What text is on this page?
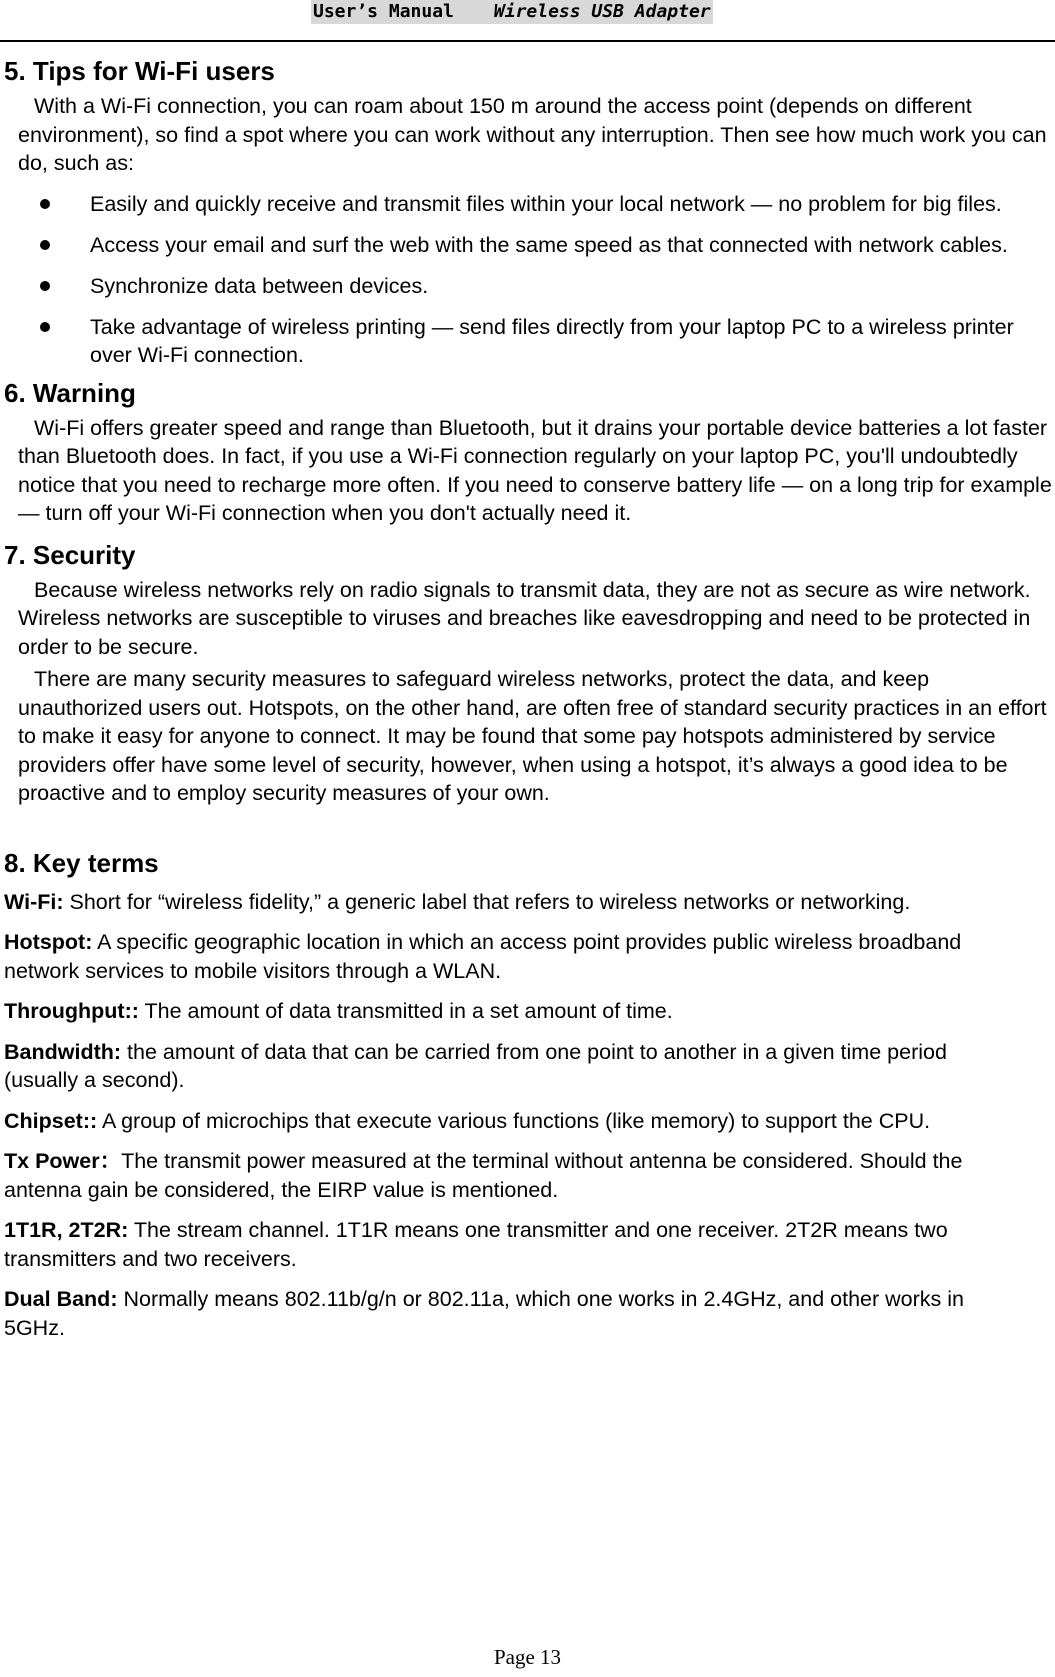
User’s Manual Wireless USB Adapter
5. Tips for Wi-Fi users

With a Wi-Fi connection, you can roam about 150 m around the access point (depends on different environment), so find a spot where you can work without any interruption. Then see how much work you can do, such as:

Easily and quickly receive and transmit files within your local network — no problem for big files.
Access your email and surf the web with the same speed as that connected with network cables.
Synchronize data between devices.
Take advantage of wireless printing — send files directly from your laptop PC to a wireless printer over Wi-Fi connection.
6. Warning

Wi-Fi offers greater speed and range than Bluetooth, but it drains your portable device batteries a lot faster than Bluetooth does. In fact, if you use a Wi-Fi connection regularly on your laptop PC, you'll undoubtedly notice that you need to recharge more often. If you need to conserve battery life — on a long trip for example — turn off your Wi-Fi connection when you don't actually need it.

7. Security

Because wireless networks rely on radio signals to transmit data, they are not as secure as wire network. Wireless networks are susceptible to viruses and breaches like eavesdropping and need to be protected in order to be secure.

There are many security measures to safeguard wireless networks, protect the data, and keep unauthorized users out. Hotspots, on the other hand, are often free of standard security practices in an effort to make it easy for anyone to connect. It may be found that some pay hotspots administered by service providers offer have some level of security, however, when using a hotspot, it’s always a good idea to be proactive and to employ security measures of your own.

8. Key terms

Wi-Fi: Short for “wireless fidelity,” a generic label that refers to wireless networks or networking.

Hotspot: A specific geographic location in which an access point provides public wireless broadband network services to mobile visitors through a WLAN.

Throughput:: The amount of data transmitted in a set amount of time.

Bandwidth: the amount of data that can be carried from one point to another in a given time period (usually a second).

Chipset:: A group of microchips that execute various functions (like memory) to support the CPU.

Tx Power：The transmit power measured at the terminal without antenna be considered. Should the antenna gain be considered, the EIRP value is mentioned.

1T1R, 2T2R: The stream channel. 1T1R means one transmitter and one receiver. 2T2R means two transmitters and two receivers.

Dual Band: Normally means 802.11b/g/n or 802.11a, which one works in 2.4GHz, and other works in 5GHz.

Page 13
